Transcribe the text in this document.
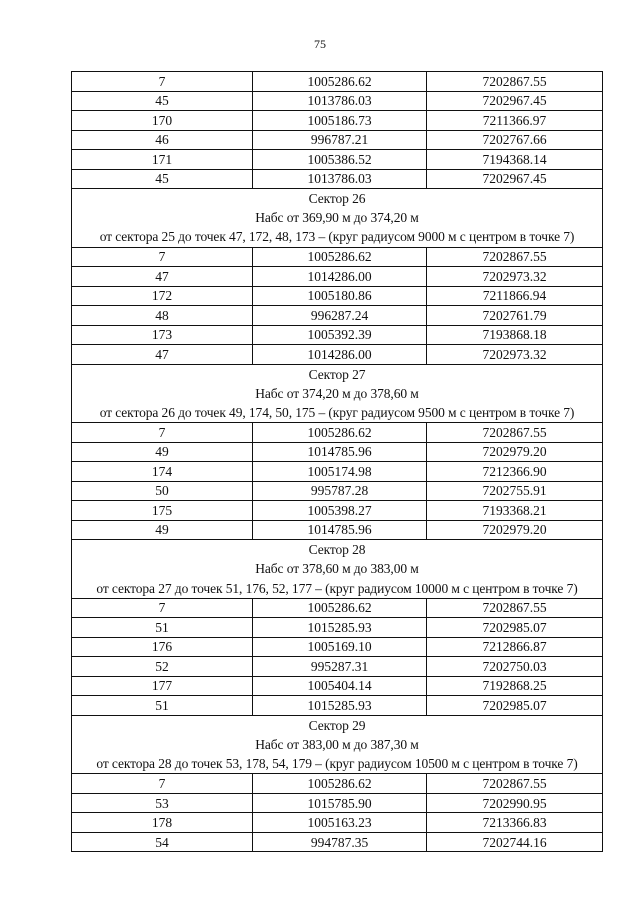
75
7	1005286.62	7202867.55
45	1013786.03	7202967.45
170	1005186.73	7211366.97
46	996787.21	7202767.66
171	1005386.52	7194368.14
45	1013786.03	7202967.45

Сектор 26
Набс от 369,90 м до 374,20 м
от сектора 25 до точек 47, 172, 48, 173 – (круг радиусом 9000 м с центром в точке 7)		

7	1005286.62	7202867.55
47	1014286.00	7202973.32
172	1005180.86	7211866.94
48	996287.24	7202761.79
173	1005392.39	7193868.18
47	1014286.00	7202973.32

Сектор 27
Набс от 374,20 м до 378,60 м
от сектора 26 до точек 49, 174, 50, 175 – (круг радиусом 9500 м с центром в точке 7)		

7	1005286.62	7202867.55
49	1014785.96	7202979.20
174	1005174.98	7212366.90
50	995787.28	7202755.91
175	1005398.27	7193368.21
49	1014785.96	7202979.20

Сектор 28
Набс от 378,60 м до 383,00 м
от сектора 27 до точек 51, 176, 52, 177 – (круг радиусом 10000 м с центром в точке 7)		

7	1005286.62	7202867.55
51	1015285.93	7202985.07
176	1005169.10	7212866.87
52	995287.31	7202750.03
177	1005404.14	7192868.25
51	1015285.93	7202985.07

Сектор 29
Набс от 383,00 м до 387,30 м
от сектора 28 до точек 53, 178, 54, 179 – (круг радиусом 10500 м с центром в точке 7)		

7	1005286.62	7202867.55
53	1015785.90	7202990.95
178	1005163.23	7213366.83
54	994787.35	7202744.16
